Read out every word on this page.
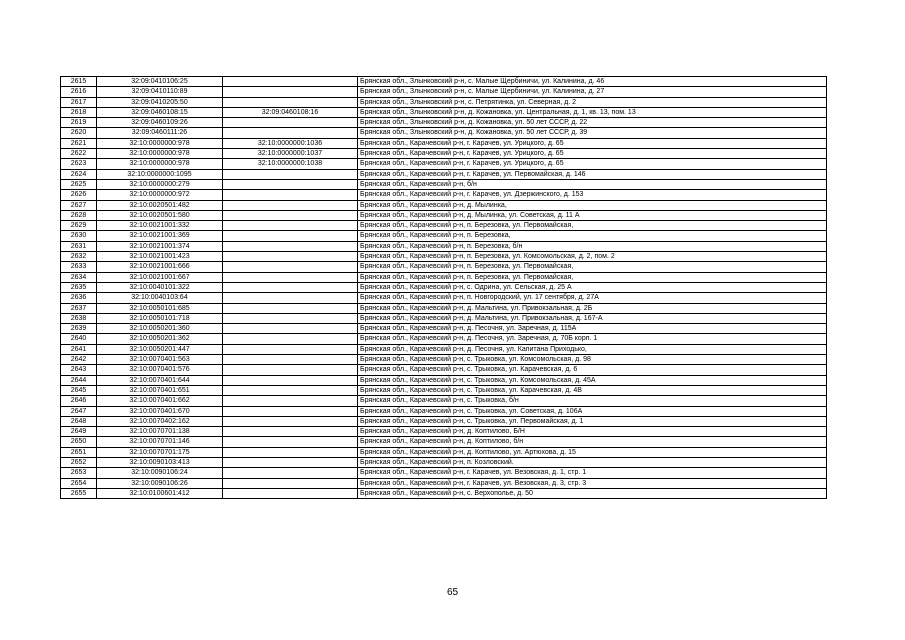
2615	32:09:0410106:25		Брянская обл., Злынковский р-н, с. Малые Щербиничи, ул. Калинина, д. 46
2616	32:09:0410110:89		Брянская обл., Злынковский р-н, с. Малые Щербиничи, ул. Калинина, д. 27
2617	32:09:0410205:50		Брянская обл., Злынковский р-н, с. Петрятинка, ул. Северная, д. 2
2618	32:09:0460108:15	32:09:0460108:16	Брянская обл., Злынковский р-н, д. Кожановка, ул. Центральная, д. 1, кв. 13, пом. 13
2619	32:09:0460109:26		Брянская обл., Злынковский р-н, д. Кожановка, ул. 50 лет СССР, д. 22
2620	32:09:0460111:26		Брянская обл., Злынковский р-н, д. Кожановка, ул. 50 лет СССР, д. 39
2621	32:10:0000000:978	32:10:0000000:1036	Брянская обл., Карачевский р-н, г. Карачев, ул. Урицкого, д. 65
2622	32:10:0000000:978	32:10:0000000:1037	Брянская обл., Карачевский р-н, г. Карачев, ул. Урицкого, д. 65
2623	32:10:0000000:978	32:10:0000000:1038	Брянская обл., Карачевский р-н, г. Карачев, ул. Урицкого, д. 65
2624	32:10:0000000:1095		Брянская обл., Карачевский р-н, г. Карачев, ул. Первомайская, д. 146
2625	32:10:0000000:279		Брянская обл., Карачевский р-н, б/н
2626	32:10:0000000:972		Брянская обл., Карачевский р-н, г. Карачев, ул. Дзержинского, д. 153
2627	32:10:0020501:482		Брянская обл., Карачевский р-н, д. Мылинка,
2628	32:10:0020501:580		Брянская обл., Карачевский р-н, д. Мылинка, ул. Советская, д. 11 А
2629	32:10:0021001:332		Брянская обл., Карачевский р-н, п. Березовка, ул. Первомайская,
2630	32:10:0021001:369		Брянская обл., Карачевский р-н, п. Березовка,
2631	32:10:0021001:374		Брянская обл., Карачевский р-н, п. Березовка, б/н
2632	32:10:0021001:423		Брянская обл., Карачевский р-н, п. Березовка, ул. Комсомольская, д. 2, пом. 2
2633	32:10:0021001:666		Брянская обл., Карачевский р-н, п. Березовка, ул. Первомайская,
2634	32:10:0021001:667		Брянская обл., Карачевский р-н, п. Березовка, ул. Первомайская,
2635	32:10:0040101:322		Брянская обл., Карачевский р-н, с. Одрина, ул. Сельская, д. 25 А
2636	32:10:0040103:64		Брянская обл., Карачевский р-н, п. Новгородский, ул. 17 сентября, д. 27А
2637	32:10:0050101:685		Брянская обл., Карачевский р-н, д. Мальтина, ул. Привокзальная, д. 2Б
2638	32:10:0050101:718		Брянская обл., Карачевский р-н, д. Мальтина, ул. Привокзальная, д. 167-А
2639	32:10:0050201:360		Брянская обл., Карачевский р-н, д. Песочня, ул. Заречная, д. 115А
2640	32:10:0050201:362		Брянская обл., Карачевский р-н, д. Песочня, ул. Заречная, д. 70Б корп. 1
2641	32:10:0050201:447		Брянская обл., Карачевский р-н, д. Песочня, ул. Капитана Приходько,
2642	32:10:0070401:563		Брянская обл., Карачевский р-н, с. Трыковка, ул. Комсомольская, д. 98
2643	32:10:0070401:576		Брянская обл., Карачевский р-н, с. Трыковка, ул. Карачевская, д. 6
2644	32:10:0070401:644		Брянская обл., Карачевский р-н, с. Трыковка, ул. Комсомольская, д. 45А
2645	32:10:0070401:651		Брянская обл., Карачевский р-н, с. Трыковка, ул. Карачевская, д. 4В
2646	32:10:0070401:662		Брянская обл., Карачевский р-н, с. Трыковка, б/н
2647	32:10:0070401:670		Брянская обл., Карачевский р-н, с. Трыковка, ул. Советская, д. 106А
2648	32:10:0070402:162		Брянская обл., Карачевский р-н, с. Трыковка, ул. Первомайская, д. 1
2649	32:10:0070701:138		Брянская обл., Карачевский р-н, д. Коптилово, Б/Н
2650	32:10:0070701:146		Брянская обл., Карачевский р-н, д. Коптилово, б/н
2651	32:10:0070701:175		Брянская обл., Карачевский р-н, д. Коптилово, ул. Артюхова, д. 15
2652	32:10:0090103:413		Брянская обл., Карачевский р-н, п. Козловский.
2653	32:10:0090106:24		Брянская обл., Карачевский р-н, г. Карачев, ул. Везовская, д. 1, стр. 1
2654	32:10:0090106:26		Брянская обл., Карачевский р-н, г. Карачев, ул. Везовская, д. 3, стр. 3
2655	32:10:0100601:412		Брянская обл., Карачевский р-н, с. Верхополье, д. 50
65
